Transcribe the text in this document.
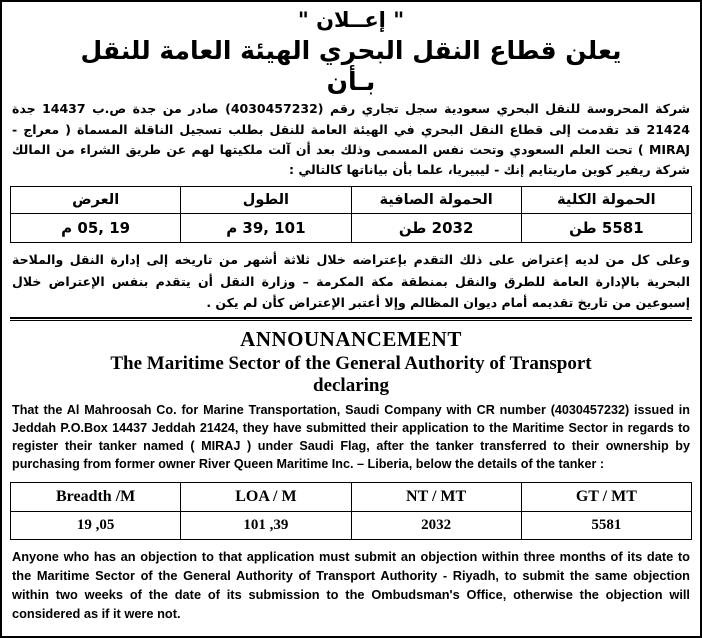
" إعــلان "
يعلن قطاع النقل البحري الهيئة العامة للنقل
بـأن
شركة المحروسة للنقل البحري سعودية سجل تجاري رقم (4030457232) صادر من جدة ص.ب 14437 جدة 21424 قد تقدمت إلى قطاع النقل البحري في الهيئة العامة للنقل بطلب تسجيل الناقلة المسماة ( معراج - MIRAJ ) تحت العلم السعودي وتحت نفس المسمى وذلك بعد أن آلت ملكيتها لهم عن طريق الشراء من المالك شركة ريفير كوين ماريتايم إنك - ليبيريا، علما بأن بياناتها كالتالي :
الحمولة الكلية	الحمولة الصافية	الطول	العرض
5581 طن	2032 طن	101 ,39 م	19 ,05 م
وعلى كل من لديه إعتراض على ذلك التقدم بإعتراضه خلال ثلاثة أشهر من تاريخه إلى إدارة النقل والملاحة البحرية بالإدارة العامة للطرق والنقل بمنطقة مكة المكرمة – وزارة النقل أن يتقدم بنفس الإعتراض خلال إسبوعين من تاريخ تقديمه أمام ديوان المظالم وإلا أعتبر الإعتراض كأن لم يكن .
ANNOUNANCEMENT
The Maritime Sector of the General Authority of Transport
declaring
That the Al Mahroosah Co. for Marine Transportation, Saudi Company with CR number (4030457232) issued in Jeddah P.O.Box 14437 Jeddah 21424, they have submitted their application to the Maritime Sector in regards to register their tanker named ( MIRAJ ) under Saudi Flag, after the tanker transferred to their ownership by purchasing from former owner River Queen Maritime Inc. – Liberia, below the details of the tanker :
Breadth /M	LOA / M	NT / MT	GT / MT
19 ,05	101 ,39	2032	5581
Anyone who has an objection to that application must submit an objection within three months of its date to the Maritime Sector of the General Authority of Transport Authority - Riyadh, to submit the same objection within two weeks of the date of its submission to the Ombudsman's Office, otherwise the objection will considered as if it were not.
